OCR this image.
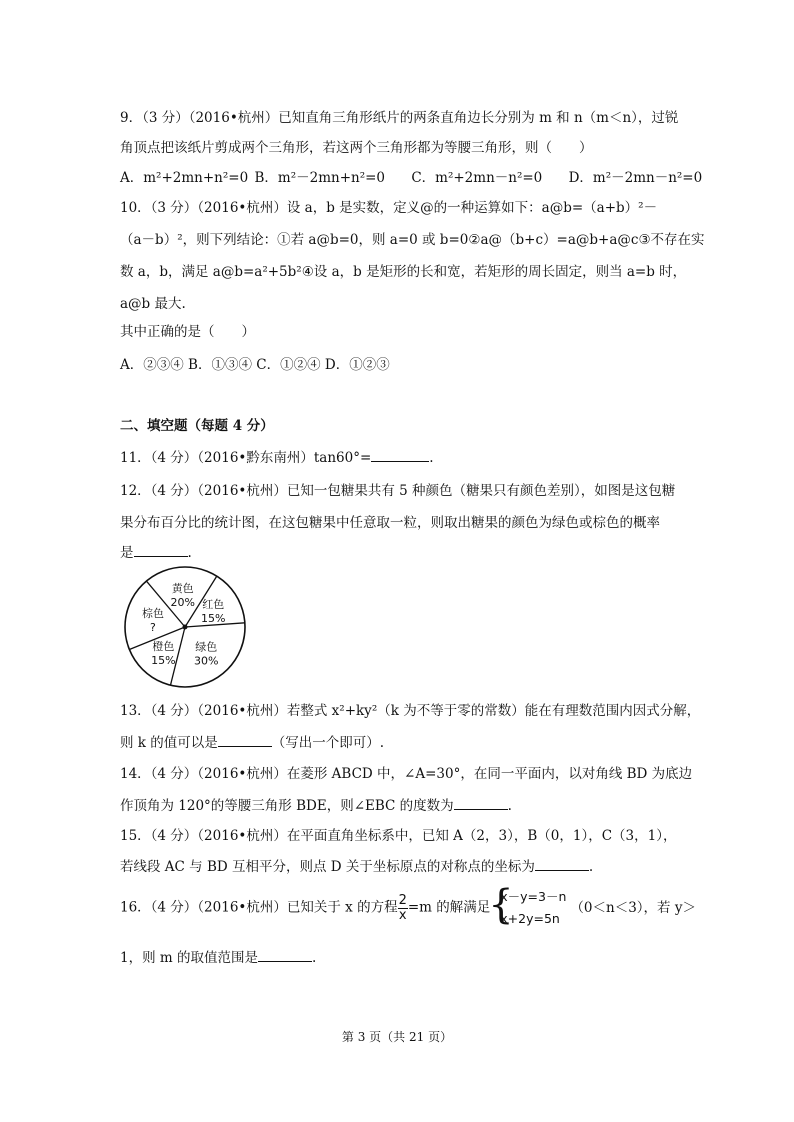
9．（3 分）（2016•杭州）已知直角三角形纸片的两条直角边长分别为 m 和 n（m＜n），过锐
角顶点把该纸片剪成两个三角形，若这两个三角形都为等腰三角形，则（　　）
A．m²+2mn+n²=0 B．m²－2mn+n²=0 C．m²+2mn－n²=0 D．m²－2mn－n²=0
10．（3 分）（2016•杭州）设 a，b 是实数，定义@的一种运算如下：a@b=（a+b）²－
（a－b）²，则下列结论：①若 a@b=0，则 a=0 或 b=0②a@（b+c）=a@b+a@c③不存在实
数 a，b，满足 a@b=a²+5b²④设 a，b 是矩形的长和宽，若矩形的周长固定，则当 a=b 时，
a@b 最大.
其中正确的是（　　）
A．②③④ B．①③④ C．①②④ D．①②③
二、填空题（每题 4 分）
11．（4 分）（2016•黔东南州）tan60°=	.
12．（4 分）（2016•杭州）已知一包糖果共有 5 种颜色（糖果只有颜色差别），如图是这包糖
果分布百分比的统计图，在这包糖果中任意取一粒，则取出糖果的颜色为绿色或棕色的概率
是	.
黄色
20% 红色
15%
绿色
30%
橙色
15%
棕色
?
13．（4 分）（2016•杭州）若整式 x²+ky²（k 为不等于零的常数）能在有理数范围内因式分解，
则 k 的值可以是	（写出一个即可）.
14．（4 分）（2016•杭州）在菱形 ABCD 中，∠A=30°，在同一平面内，以对角线 BD 为底边
作顶角为 120°的等腰三角形 BDE，则∠EBC 的度数为	.
15．（4 分）（2016•杭州）在平面直角坐标系中，已知 A（2，3），B（0，1），C（3，1），
若线段 AC 与 BD 互相平分，则点 D 关于坐标原点的对称点的坐标为	.
16．（4 分）（2016•杭州）已知关于 x 的方程 $\frac{2}{x} =m$ 的解满足
{
x－y=3－n
x+2y=5n
（0＜n＜3），若 y＞
1，则 m 的取值范围是	.
第 3 页（共 21 页）
